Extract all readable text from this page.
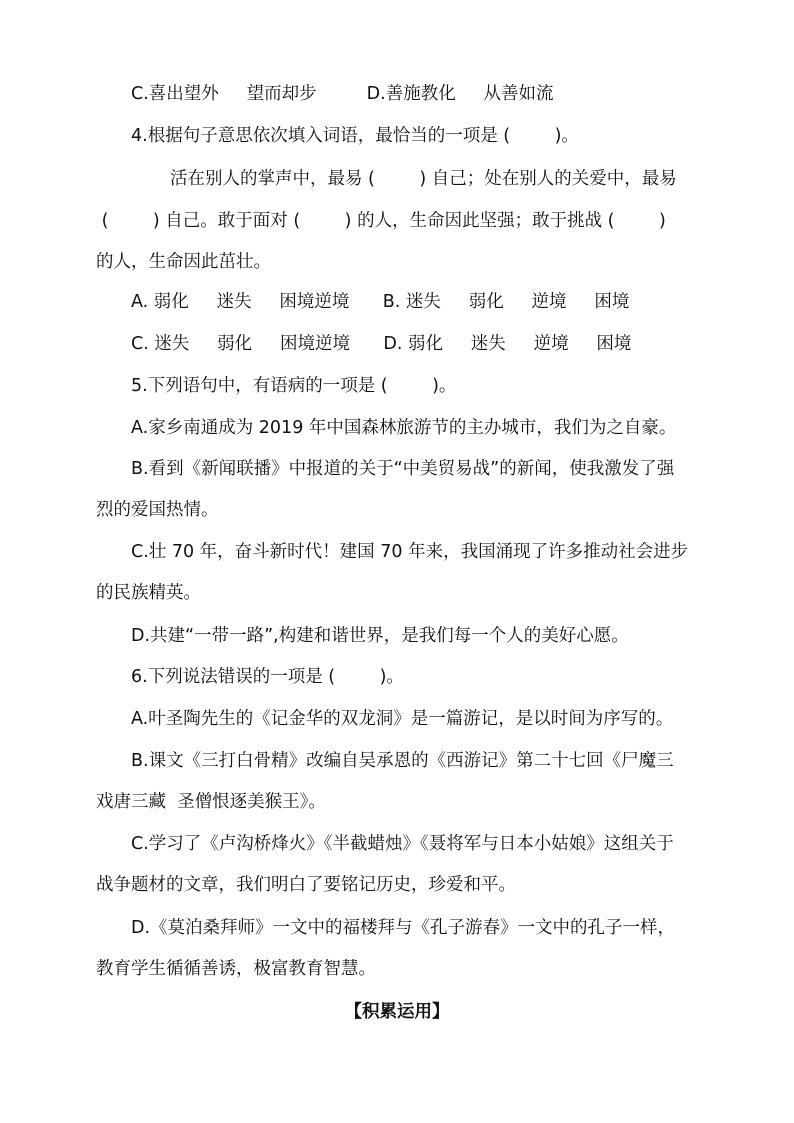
C.喜出望外     望而却步         D.善施教化     从善如流
4.根据句子意思依次填入词语，最恰当的一项是 (        )。
活在别人的掌声中，最易 (        ) 自己；处在别人的关爱中，最易
(        ) 自己。敢于面对 (        ) 的人，生命因此坚强；敢于挑战 (        )
的人，生命因此茁壮。
A. 弱化     迷失     困境逆境      B. 迷失     弱化     逆境     困境
C. 迷失     弱化     困境逆境      D. 弱化     迷失     逆境     困境
5.下列语句中，有语病的一项是 (        )。
A.家乡南通成为 2019 年中国森林旅游节的主办城市，我们为之自豪。
B.看到《新闻联播》中报道的关于“中美贸易战”的新闻，使我激发了强
烈的爱国热情。
C.壮 70 年，奋斗新时代！建国 70 年来，我国涌现了许多推动社会进步
的民族精英。
D.共建“一带一路”,构建和谐世界，是我们每一个人的美好心愿。
6.下列说法错误的一项是 (        )。
A.叶圣陶先生的《记金华的双龙洞》是一篇游记，是以时间为序写的。
B.课文《三打白骨精》改编自吴承恩的《西游记》第二十七回《尸魔三
戏唐三藏  圣僧恨逐美猴王》。
C.学习了《卢沟桥烽火》《半截蜡烛》《聂将军与日本小姑娘》这组关于
战争题材的文章，我们明白了要铭记历史，珍爱和平。
D.《莫泊桑拜师》一文中的福楼拜与《孔子游春》一文中的孔子一样，
教育学生循循善诱，极富教育智慧。
【积累运用】
